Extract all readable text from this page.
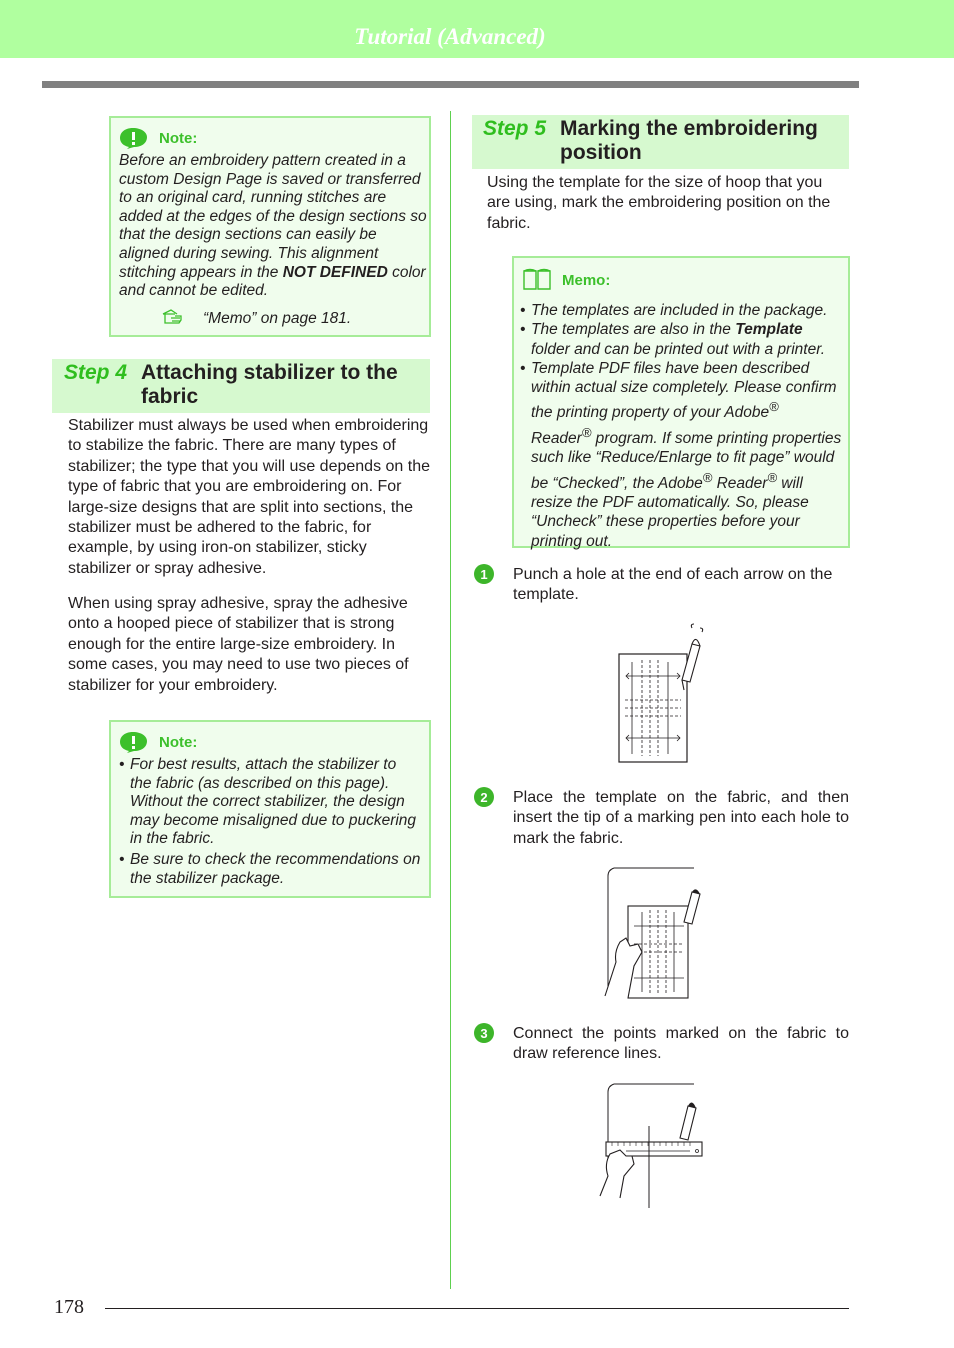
Tutorial (Advanced)
Note:
Before an embroidery pattern created in a custom Design Page is saved or transferred to an original card, running stitches are added at the edges of the design sections so that the design sections can easily be aligned during sewing. This alignment stitching appears in the NOT DEFINED color and cannot be edited.
“Memo” on page 181.
Step 4 Attaching stabilizer to the fabric
Stabilizer must always be used when embroidering to stabilize the fabric. There are many types of stabilizer; the type that you will use depends on the type of fabric that you are embroidering on. For large-size designs that are split into sections, the stabilizer must be adhered to the fabric, for example, by using iron-on stabilizer, sticky stabilizer or spray adhesive.
When using spray adhesive, spray the adhesive onto a hooped piece of stabilizer that is strong enough for the entire large-size embroidery. In some cases, you may need to use two pieces of stabilizer for your embroidery.
Note:
• For best results, attach the stabilizer to the fabric (as described on this page). Without the correct stabilizer, the design may become misaligned due to puckering in the fabric.
• Be sure to check the recommendations on the stabilizer package.
Step 5 Marking the embroidering position
Using the template for the size of hoop that you are using, mark the embroidering position on the fabric.
Memo:
• The templates are included in the package.
• The templates are also in the Template folder and can be printed out with a printer.
• Template PDF files have been described within actual size completely. Please confirm the printing property of your Adobe® Reader® program. If some printing properties such like “Reduce/Enlarge to fit page” would be “Checked”, the Adobe® Reader® will resize the PDF automatically. So, please “Uncheck” these properties before your printing out.
1	Punch a hole at the end of each arrow on the template.
2	Place the template on the fabric, and then insert the tip of a marking pen into each hole to mark the fabric.
3	Connect the points marked on the fabric to draw reference lines.
178
